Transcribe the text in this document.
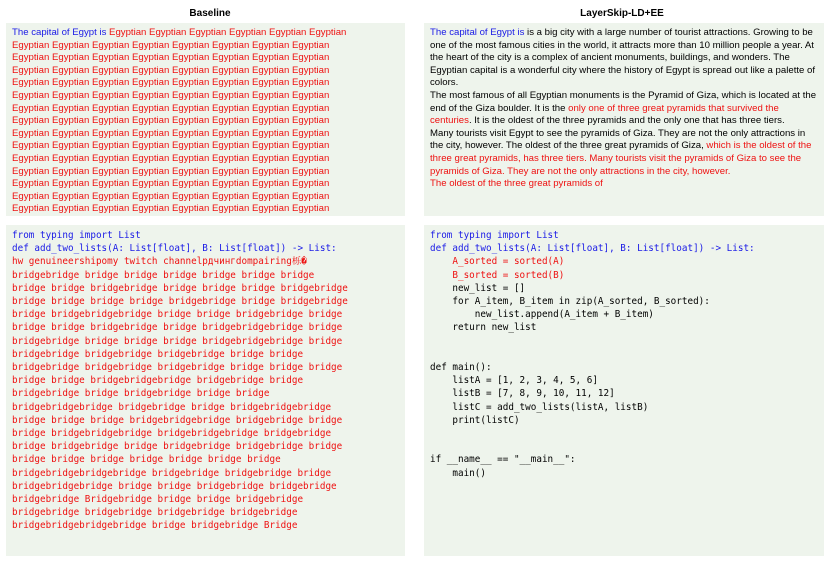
Baseline	LayerSkip-LD+EE
The capital of Egypt is Egyptian Egyptian Egyptian Egyptian Egyptian Egyptian
Egyptian Egyptian Egyptian Egyptian Egyptian Egyptian Egyptian Egyptian
Egyptian Egyptian Egyptian Egyptian Egyptian Egyptian Egyptian Egyptian
Egyptian Egyptian Egyptian Egyptian Egyptian Egyptian Egyptian Egyptian
Egyptian Egyptian Egyptian Egyptian Egyptian Egyptian Egyptian Egyptian
Egyptian Egyptian Egyptian Egyptian Egyptian Egyptian Egyptian Egyptian
Egyptian Egyptian Egyptian Egyptian Egyptian Egyptian Egyptian Egyptian
Egyptian Egyptian Egyptian Egyptian Egyptian Egyptian Egyptian Egyptian
Egyptian Egyptian Egyptian Egyptian Egyptian Egyptian Egyptian Egyptian
Egyptian Egyptian Egyptian Egyptian Egyptian Egyptian Egyptian Egyptian
Egyptian Egyptian Egyptian Egyptian Egyptian Egyptian Egyptian Egyptian
Egyptian Egyptian Egyptian Egyptian Egyptian Egyptian Egyptian Egyptian
Egyptian Egyptian Egyptian Egyptian Egyptian Egyptian Egyptian Egyptian
Egyptian Egyptian Egyptian Egyptian Egyptian Egyptian Egyptian Egyptian
Egyptian Egyptian Egyptian Egyptian Egyptian Egyptian Egyptian Egyptian

The capital of Egypt is is a big city with a large number of tourist attractions. Growing to be one of the most famous cities in the world, it attracts more than 10 million people a year. At the heart of the city is a complex of ancient monuments, buildings, and wonders. The Egyptian capital is a wonderful city where the history of Egypt is spread out like a palette of colors.
The most famous of all Egyptian monuments is the Pyramid of Giza, which is located at the end of the Giza boulder. It is the only one of three great pyramids that survived the centuries. It is the oldest of the three pyramids and the only one that has three tiers.
Many tourists visit Egypt to see the pyramids of Giza. They are not the only attractions in the city, however. The oldest of the three great pyramids of Giza, which is the oldest of the three great pyramids, has three tiers. Many tourists visit the pyramids of Giza to see the pyramids of Giza. They are not the only attractions in the city, however.
The oldest of the three great pyramids of
from typing import List
def add_two_lists(A: List[float], B: List[float]) -> List:
hw genuineershipomy twitch channelpдчингdompairing栎�
bridgebridge bridge bridge bridge bridge bridge bridge
bridge bridge bridgebridge bridge bridge bridge bridgebridge
bridge bridge bridge bridge bridgebridge bridge bridgebridge
bridge bridgebridgebridge bridge bridge bridgebridge bridge
bridge bridge bridgebridge bridge bridgebridgebridge bridge
bridgebridge bridge bridge bridge bridgebridgebridge bridge
bridgebridge bridgebridge bridgebridge bridge bridge
bridgebridge bridgebridge bridgebridge bridge bridge bridge
bridge bridge bridgebridgebridge bridgebridge bridge
bridgebridge bridge bridgebridge bridge bridge
bridgebridgebridge bridgebridge bridge bridgebridgebridge
bridge bridge bridge bridgebridgebridge bridgebridge bridge
bridge bridgebridgebridge bridgebridgebridge bridgebridge
bridge bridgebridge bridge bridgebridge bridgebridge bridge
bridge bridge bridge bridge bridge bridge bridge
bridgebridgebridgebridge bridgebridge bridgebridge bridge
bridgebridgebridge bridge bridge bridgebridge bridgebridge
bridgebridge Bridgebridge bridge bridge bridgebridge
bridgebridge bridgebridge bridgebridge bridgebridge
bridgebridgebridgebridge bridge bridgebridge Bridge
from typing import List
def add_two_lists(A: List[float], B: List[float]) -> List:
A_sorted = sorted(A)
B_sorted = sorted(B)
new_list = []
for A_item, B_item in zip(A_sorted, B_sorted):
new_list.append(A_item + B_item)
return new_list

def main():
listA = [1, 2, 3, 4, 5, 6]
listB = [7, 8, 9, 10, 11, 12]
listC = add_two_lists(listA, listB)
print(listC)

if __name__ == "__main__":
main()
